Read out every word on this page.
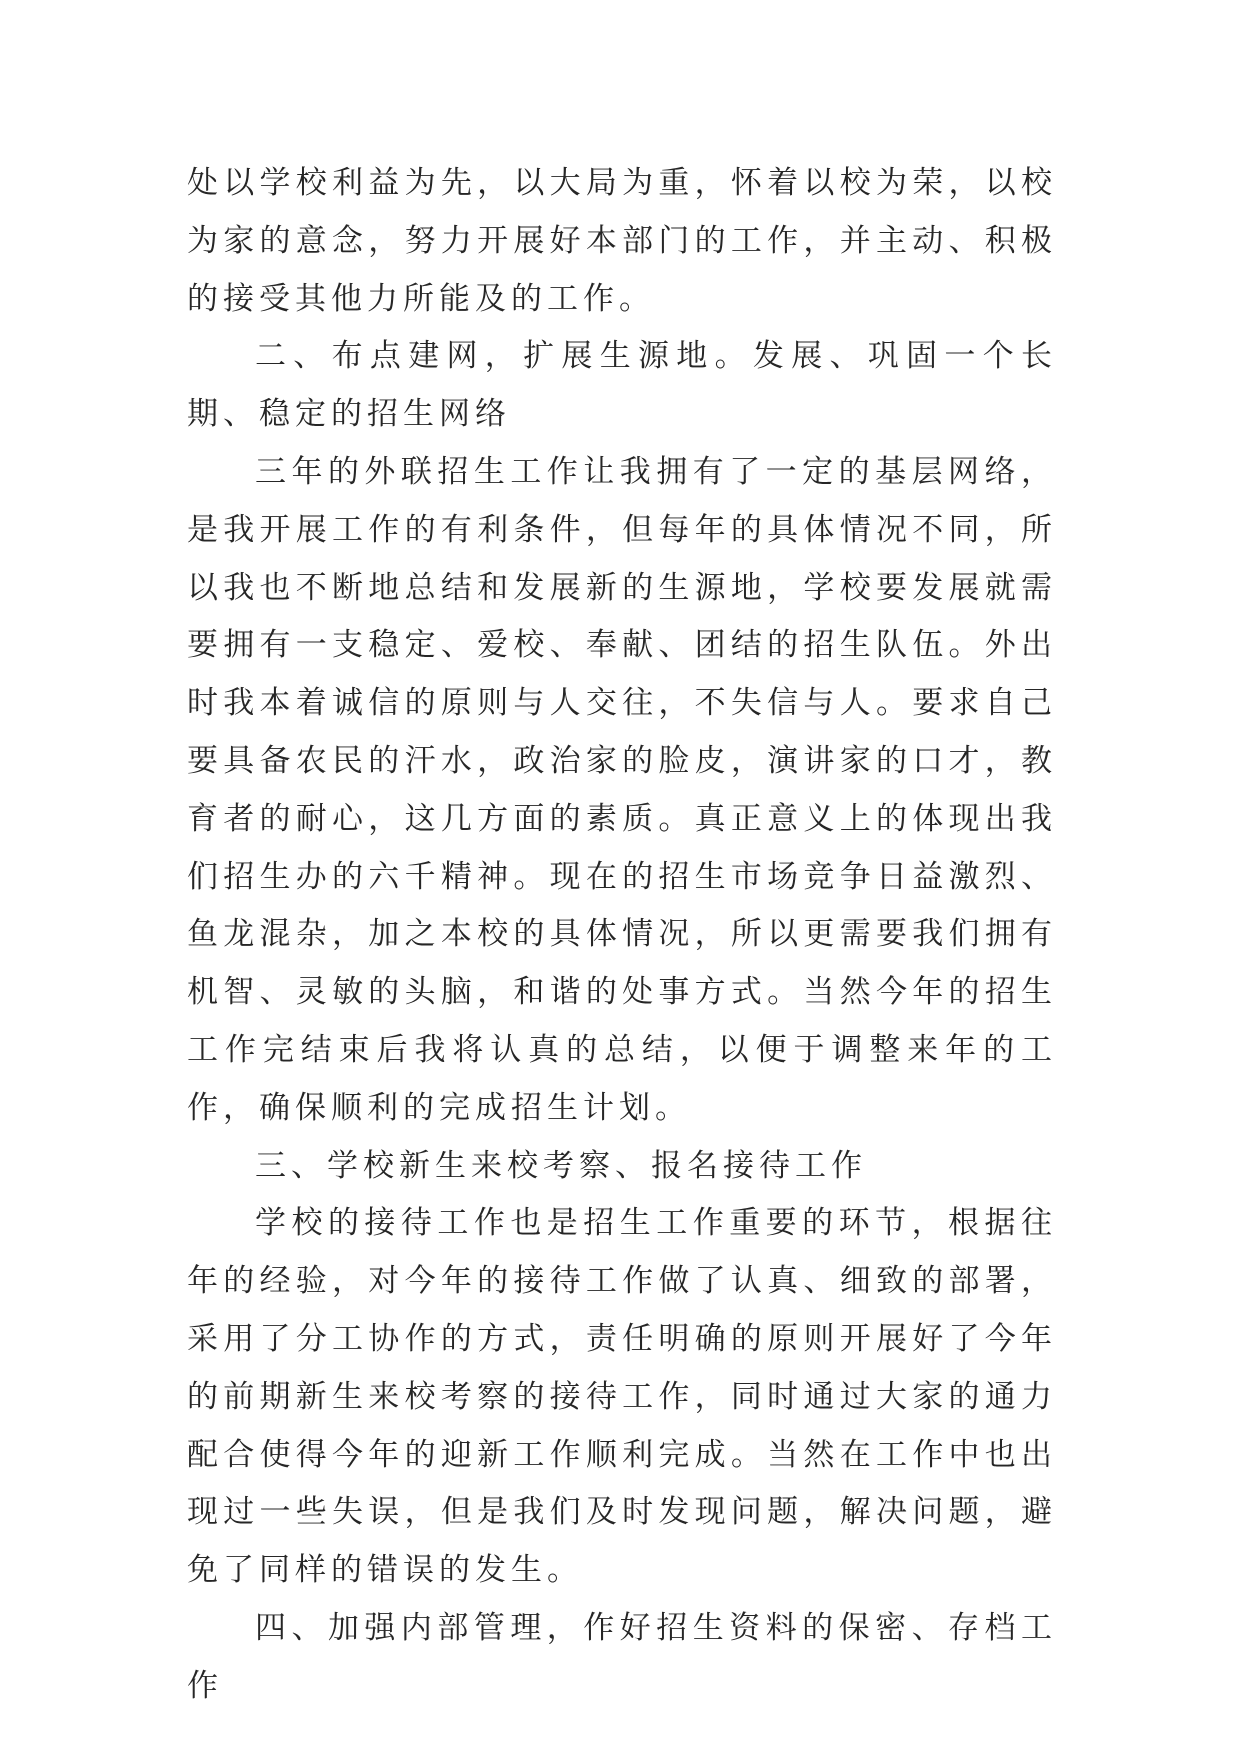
处以学校利益为先，以大局为重，怀着以校为荣，以校为家的意念，努力开展好本部门的工作，并主动、积极的接受其他力所能及的工作。

二、布点建网，扩展生源地。发展、巩固一个长期、稳定的招生网络

三年的外联招生工作让我拥有了一定的基层网络，是我开展工作的有利条件，但每年的具体情况不同，所以我也不断地总结和发展新的生源地，学校要发展就需要拥有一支稳定、爱校、奉献、团结的招生队伍。外出时我本着诚信的原则与人交往，不失信与人。要求自己要具备农民的汗水，政治家的脸皮，演讲家的口才，教育者的耐心，这几方面的素质。真正意义上的体现出我们招生办的六千精神。现在的招生市场竞争日益激烈、鱼龙混杂，加之本校的具体情况，所以更需要我们拥有机智、灵敏的头脑，和谐的处事方式。当然今年的招生工作完结束后我将认真的总结，以便于调整来年的工作，确保顺利的完成招生计划。

三、学校新生来校考察、报名接待工作

学校的接待工作也是招生工作重要的环节，根据往年的经验，对今年的接待工作做了认真、细致的部署，采用了分工协作的方式，责任明确的原则开展好了今年的前期新生来校考察的接待工作，同时通过大家的通力配合使得今年的迎新工作顺利完成。当然在工作中也出现过一些失误，但是我们及时发现问题，解决问题，避免了同样的错误的发生。

四、加强内部管理，作好招生资料的保密、存档工作
